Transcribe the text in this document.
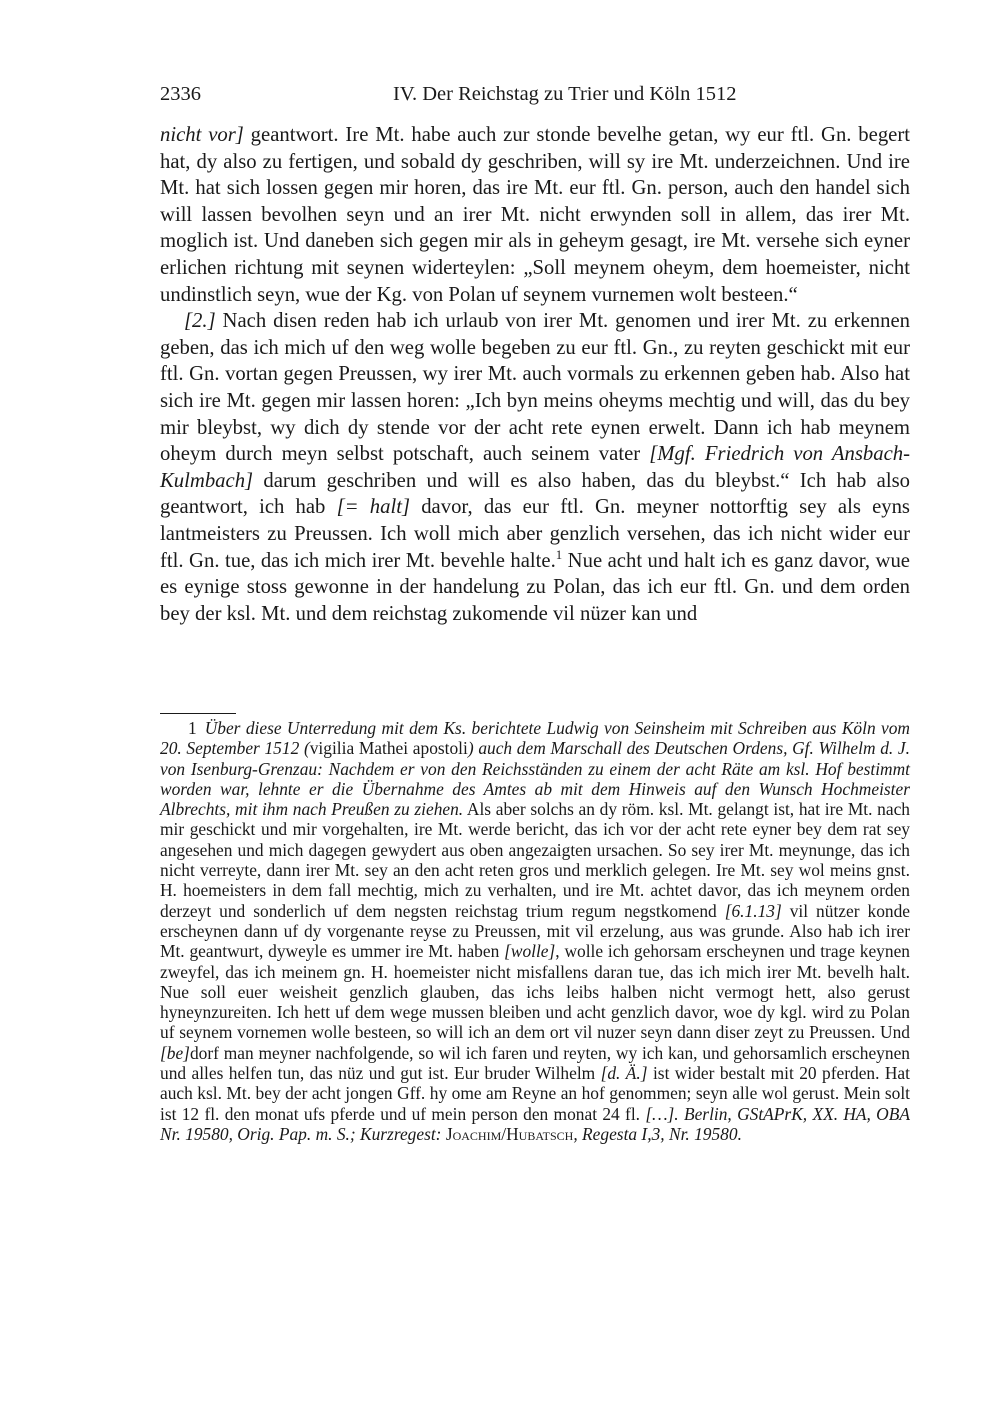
2336	IV. Der Reichstag zu Trier und Köln 1512

nicht vor] geantwort. Ire Mt. habe auch zur stonde bevelhe getan, wy eur ftl. Gn. begert hat, dy also zu fertigen, und sobald dy geschriben, will sy ire Mt. underzeichnen. Und ire Mt. hat sich lossen gegen mir horen, das ire Mt. eur ftl. Gn. person, auch den handel sich will lassen bevolhen seyn und an irer Mt. nicht erwynden soll in allem, das irer Mt. moglich ist. Und daneben sich gegen mir als in geheym gesagt, ire Mt. versehe sich eyner erlichen richtung mit seynen widerteylen: „Soll meynem oheym, dem hoemeister, nicht undinstlich seyn, wue der Kg. von Polan uf seynem vurnemen wolt besteen.“

[2.] Nach disen reden hab ich urlaub von irer Mt. genomen und irer Mt. zu erkennen geben, das ich mich uf den weg wolle begeben zu eur ftl. Gn., zu reyten geschickt mit eur ftl. Gn. vortan gegen Preussen, wy irer Mt. auch vormals zu erkennen geben hab. Also hat sich ire Mt. gegen mir lassen horen: „Ich byn meins oheyms mechtig und will, das du bey mir bleybst, wy dich dy stende vor der acht rete eynen erwelt. Dann ich hab meynem oheym durch meyn selbst potschaft, auch seinem vater [Mgf. Friedrich von Ansbach-Kulmbach] darum geschriben und will es also haben, das du bleybst.“ Ich hab also geantwort, ich hab [= halt] davor, das eur ftl. Gn. meyner nottorftig sey als eyns lantmeisters zu Preussen. Ich woll mich aber genzlich versehen, das ich nicht wider eur ftl. Gn. tue, das ich mich irer Mt. bevehle halte.$^1$ Nue acht und halt ich es ganz davor, wue es eynige stoss gewonne in der handelung zu Polan, das ich eur ftl. Gn. und dem orden bey der ksl. Mt. und dem reichstag zukomende vil nüzer kan und

1 Über diese Unterredung mit dem Ks. berichtete Ludwig von Seinsheim mit Schreiben aus Köln vom 20. September 1512 (vigilia Mathei apostoli) auch dem Marschall des Deutschen Ordens, Gf. Wilhelm d. J. von Isenburg-Grenzau: Nachdem er von den Reichsständen zu einem der acht Räte am ksl. Hof bestimmt worden war, lehnte er die Übernahme des Amtes ab mit dem Hinweis auf den Wunsch Hochmeister Albrechts, mit ihm nach Preußen zu ziehen. Als aber solchs an dy röm. ksl. Mt. gelangt ist, hat ire Mt. nach mir geschickt und mir vorgehalten, ire Mt. werde bericht, das ich vor der acht rete eyner bey dem rat sey angesehen und mich dagegen gewydert aus oben angezaigten ursachen. So sey irer Mt. meynunge, das ich nicht verreyte, dann irer Mt. sey an den acht reten gros und merklich gelegen. Ire Mt. sey wol meins gnst. H. hoemeisters in dem fall mechtig, mich zu verhalten, und ire Mt. achtet davor, das ich meynem orden derzeyt und sonderlich uf dem negsten reichstag trium regum negstkomend [6.1.13] vil nützer konde erscheynen dann uf dy vorgenante reyse zu Preussen, mit vil erzelung, aus was grunde. Also hab ich irer Mt. geantwurt, dyweyle es ummer ire Mt. haben [wolle], wolle ich gehorsam erscheynen und trage keynen zweyfel, das ich meinem gn. H. hoemeister nicht misfallens daran tue, das ich mich irer Mt. bevelh halt. Nue soll euer weisheit genzlich glauben, das ichs leibs halben nicht vermogt hett, also gerust hyneynzureiten. Ich hett uf dem wege mussen bleiben und acht genzlich davor, woe dy kgl. wird zu Polan uf seynem vornemen wolle besteen, so will ich an dem ort vil nuzer seyn dann diser zeyt zu Preussen. Und [be]dorf man meyner nachfolgende, so wil ich faren und reyten, wy ich kan, und gehorsamlich erscheynen und alles helfen tun, das nüz und gut ist. Eur bruder Wilhelm [d. Ä.] ist wider bestalt mit 20 pferden. Hat auch ksl. Mt. bey der acht jongen Gff. hy ome am Reyne an hof genommen; seyn alle wol gerust. Mein solt ist 12 fl. den monat ufs pferde und uf mein person den monat 24 fl. […]. Berlin, GStAPrK, XX. HA, OBA Nr. 19580, Orig. Pap. m. S.; Kurzregest: Joachim/Hubatsch, Regesta I,3, Nr. 19580.
